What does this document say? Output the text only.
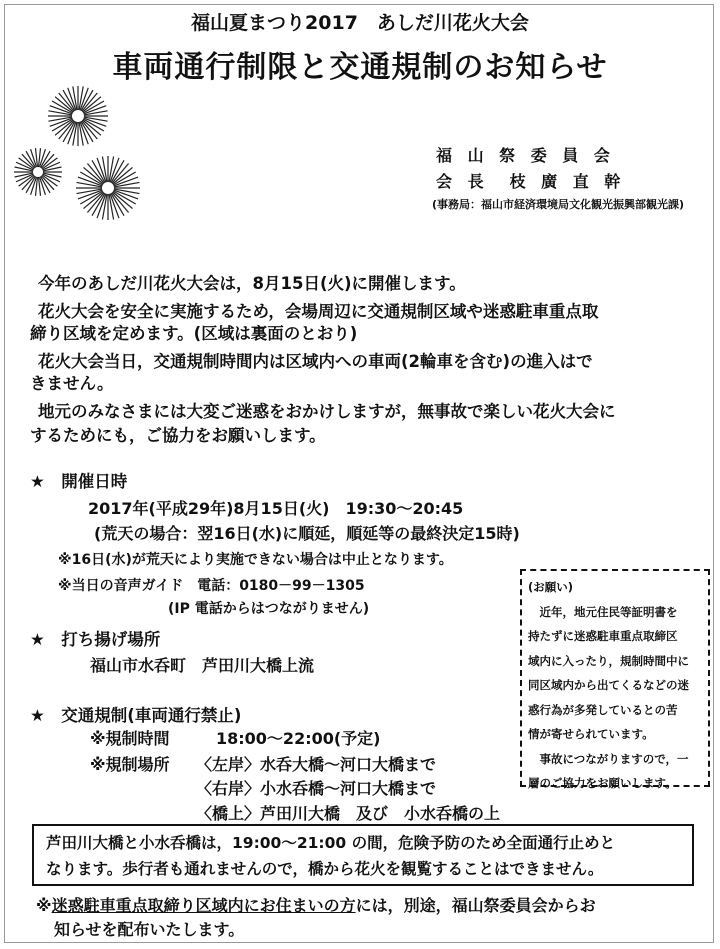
福山夏まつり2017　あしだ川花火大会
車両通行制限と交通規制のお知らせ
福 山 祭 委 員 会
会 長　枝 廣 直 幹
(事務局：福山市経済環境局文化観光振興部観光課)
今年のあしだ川花火大会は，8月15日(火)に開催します。
花火大会を安全に実施するため，会場周辺に交通規制区域や迷惑駐車重点取
締り区域を定めます。(区域は裏面のとおり)
花火大会当日，交通規制時間内は区域内への車両(2輪車を含む)の進入はで
きません。
地元のみなさまには大変ご迷惑をおかけしますが，無事故で楽しい花火大会に
するためにも，ご協力をお願いします。
★　開催日時
2017年(平成29年)8月15日(火)　19:30～20:45
(荒天の場合：翌16日(水)に順延，順延等の最終決定15時)
※16日(水)が荒天により実施できない場合は中止となります。
※当日の音声ガイド　電話：0180－99－1305
(IP 電話からはつながりません)
★　打ち揚げ場所
福山市水呑町　芦田川大橋上流
★　交通規制(車両通行禁止)
※規制時間	18:00～22:00(予定)
※規制場所 〈左岸〉水呑大橋～河口大橋まで
〈右岸〉小水呑橋～河口大橋まで
〈橋上〉芦田川大橋　及び　小水呑橋の上
(お願い)
　近年，地元住民等証明書を
持たずに迷惑駐車重点取締区
域内に入ったり，規制時間中に
同区域内から出てくるなどの迷
惑行為が多発しているとの苦
情が寄せられています。
　事故につながりますので，一
層のご協力をお願いします。
芦田川大橋と小水呑橋は，19:00～21:00 の間，危険予防のため全面通行止めと
なります。歩行者も通れませんので，橋から花火を観覧することはできません。
※迷惑駐車重点取締り区域内にお住まいの方には，別途，福山祭委員会からお
知らせを配布いたします。
